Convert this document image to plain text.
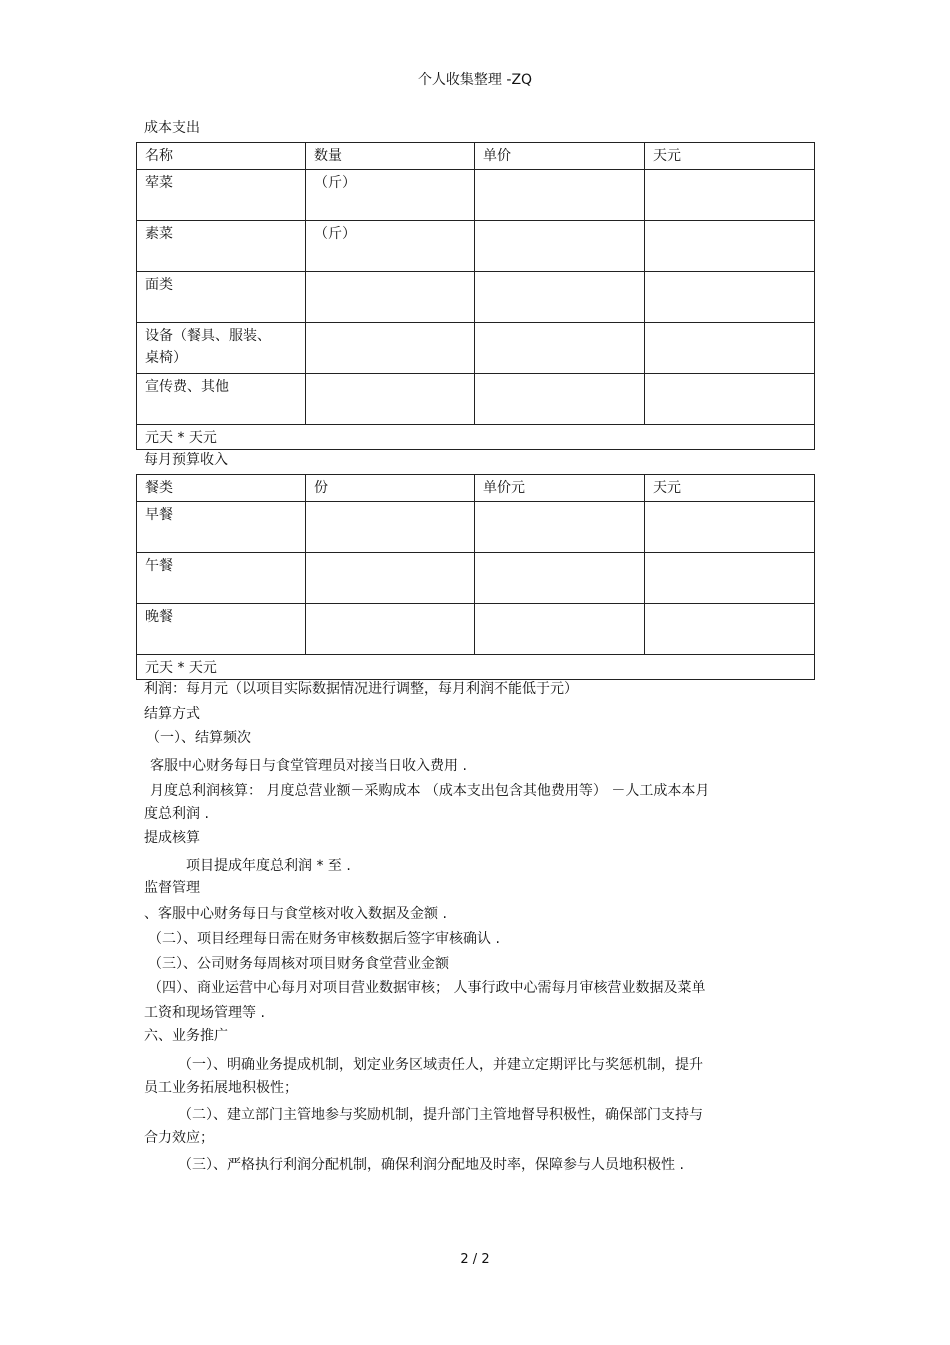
个人收集整理 -ZQ
成本支出
名称	数量	单价	天元
荤菜	（斤）		
素菜	（斤）		
面类			
设备（餐具、服装、桌椅）			
宣传费、其他			
元天 * 天元			
每月预算收入
餐类	份	单价元	天元
早餐			
午餐			
晚餐			
元天 * 天元			
利润：每月元（以项目实际数据情况进行调整，每月利润不能低于元）
结算方式
（一）、结算频次
客服中心财务每日与食堂管理员对接当日收入费用 .
月度总利润核算： 月度总营业额－采购成本 （成本支出包含其他费用等） －人工成本本月
度总利润 .
提成核算
项目提成年度总利润 * 至 .
监督管理
、客服中心财务每日与食堂核对收入数据及金额 .
（二）、项目经理每日需在财务审核数据后签字审核确认 .
（三）、公司财务每周核对项目财务食堂营业金额
（四）、商业运营中心每月对项目营业数据审核； 人事行政中心需每月审核营业数据及菜单
工资和现场管理等 .
六、业务推广
（一）、明确业务提成机制，划定业务区域责任人，并建立定期评比与奖惩机制，提升
员工业务拓展地积极性；
（二）、建立部门主管地参与奖励机制，提升部门主管地督导积极性，确保部门支持与
合力效应；
（三）、严格执行利润分配机制，确保利润分配地及时率，保障参与人员地积极性 .
2 / 2
